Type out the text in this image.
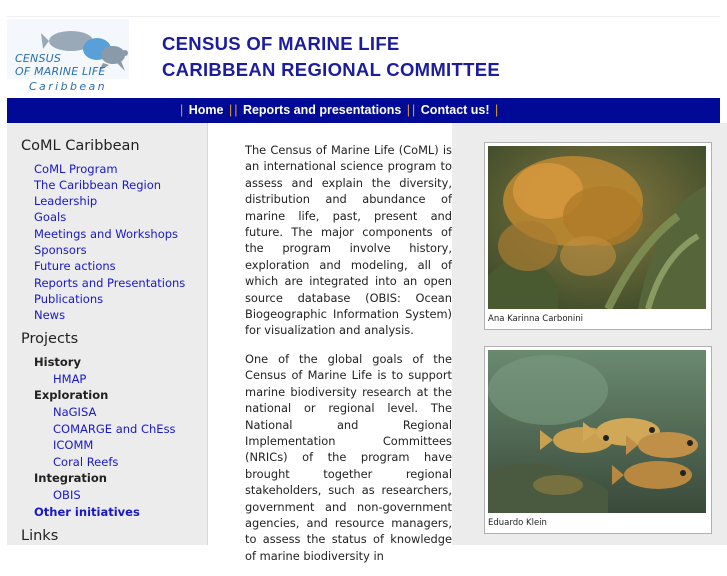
CENSUS
OF MARINE LIFE
Caribbean
CENSUS OF MARINE LIFE
CARIBBEAN REGIONAL COMMITTEE
| Home | | Reports and presentations | | Contact us! |
CoML Caribbean
CoML Program
The Caribbean Region
Leadership
Goals
Meetings and Workshops
Sponsors
Future actions
Reports and Presentations
Publications
News
Projects
History
HMAP
Exploration
NaGISA
COMARGE and ChEss
ICOMM
Coral Reefs
Integration
OBIS
Other initiatives
Links

The Census of Marine Life (CoML) is an international science program to assess and explain the diversity, distribution and abundance of marine life, past, present and future. The major components of the program involve history, exploration and modeling, all of which are integrated into an open source database (OBIS: Ocean Biogeographic Information System) for visualization and analysis.

One of the global goals of the Census of Marine Life is to support marine biodiversity research at the national or regional level. The National and Regional Implementation Committees (NRICs) of the program have brought together regional stakeholders, such as researchers, government and non-government agencies, and resource managers, to assess the status of knowledge of marine biodiversity in

Ana Karinna Carbonini
Eduardo Klein
